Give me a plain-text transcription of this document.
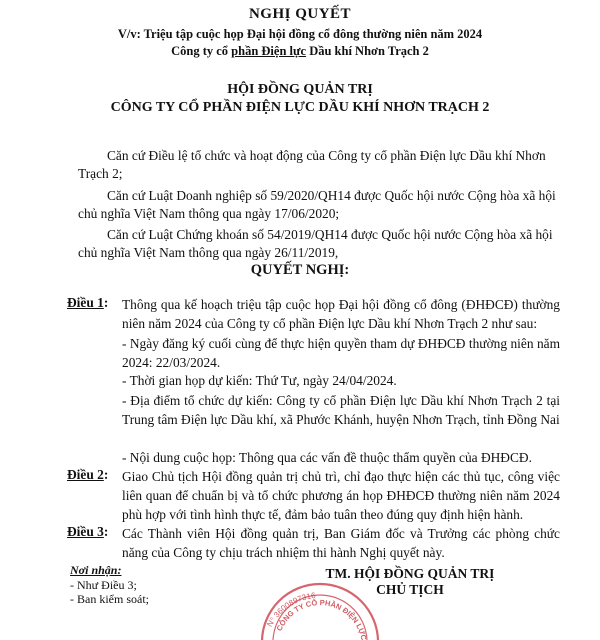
NGHỊ QUYẾT
V/v: Triệu tập cuộc họp Đại hội đồng cổ đông thường niên năm 2024
Công ty cổ phần Điện lực Dầu khí Nhơn Trạch 2
HỘI ĐỒNG QUẢN TRỊ
CÔNG TY CỔ PHẦN ĐIỆN LỰC DẦU KHÍ NHƠN TRẠCH 2
Căn cứ Điều lệ tổ chức và hoạt động của Công ty cổ phần Điện lực Dầu khí Nhơn
Trạch 2;
Căn cứ Luật Doanh nghiệp số 59/2020/QH14 được Quốc hội nước Cộng hòa xã hội
chủ nghĩa Việt Nam thông qua ngày 17/06/2020;
Căn cứ Luật Chứng khoán số 54/2019/QH14 được Quốc hội nước Cộng hòa xã hội
chủ nghĩa Việt Nam thông qua ngày 26/11/2019,
QUYẾT NGHỊ:
Điều 1: Thông qua kế hoạch triệu tập cuộc họp Đại hội đồng cổ đông (ĐHĐCĐ) thường niên năm 2024 của Công ty cổ phần Điện lực Dầu khí Nhơn Trạch 2 như sau:
- Ngày đăng ký cuối cùng để thực hiện quyền tham dự ĐHĐCĐ thường niên năm 2024: 22/03/2024.
- Thời gian họp dự kiến: Thứ Tư, ngày 24/04/2024.
- Địa điểm tổ chức dự kiến: Công ty cổ phần Điện lực Dầu khí Nhơn Trạch 2 tại Trung tâm Điện lực Dầu khí, xã Phước Khánh, huyện Nhơn Trạch, tỉnh Đồng Nai
- Nội dung cuộc họp: Thông qua các vấn đề thuộc thẩm quyền của ĐHĐCĐ.
Điều 2: Giao Chủ tịch Hội đồng quản trị chủ trì, chỉ đạo thực hiện các thủ tục, công việc liên quan để chuẩn bị và tổ chức phương án họp ĐHĐCĐ thường niên năm 2024 phù hợp với tình hình thực tế, đảm bảo tuân theo đúng quy định hiện hành.
Điều 3: Các Thành viên Hội đồng quản trị, Ban Giám đốc và Trưởng các phòng chức năng của Công ty chịu trách nhiệm thi hành Nghị quyết này.
Nơi nhận:
- Như Điều 3;
- Ban kiểm soát;
N° 3600897316
CÔNG TY CỔ PHẦN ĐIỆN LỰC
TM. HỘI ĐỒNG QUẢN TRỊ
CHỦ TỊCH
